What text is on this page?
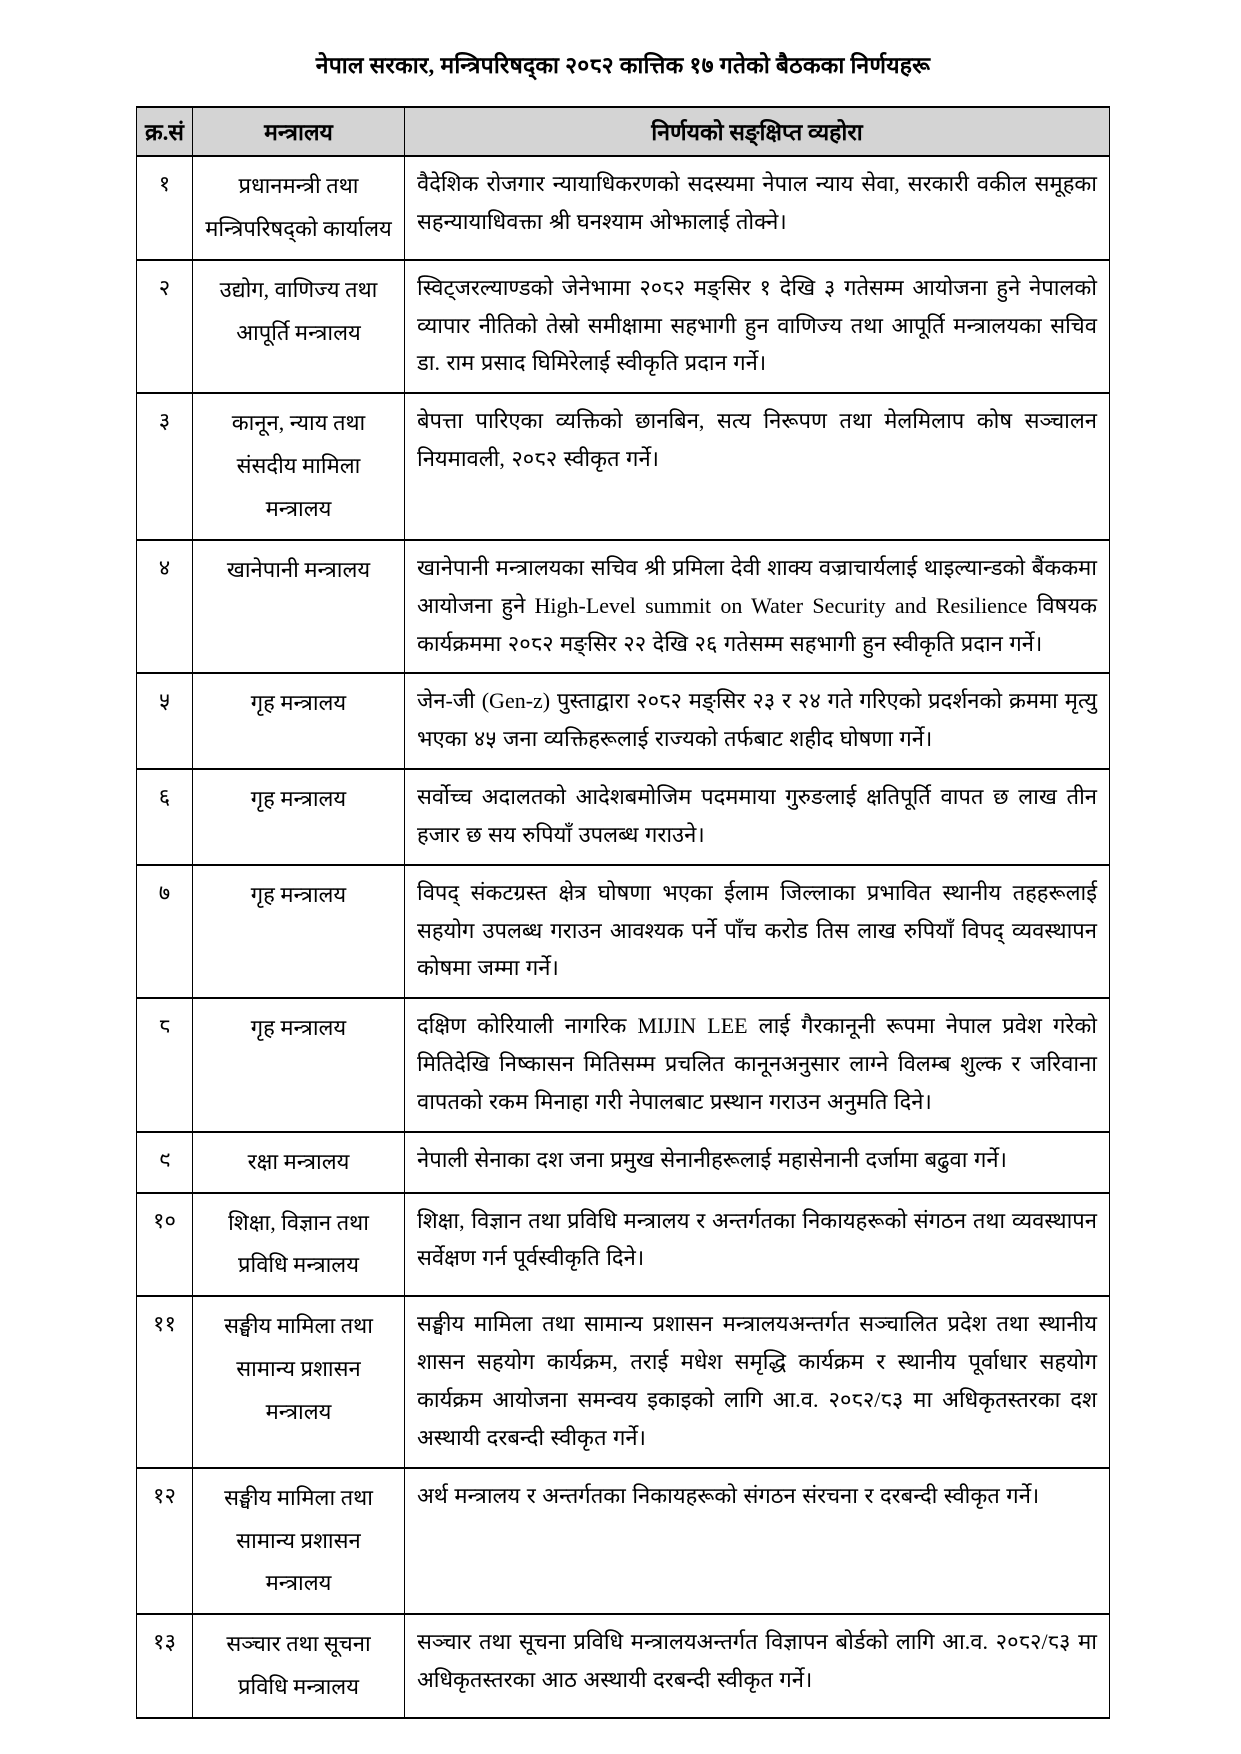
नेपाल सरकार, मन्त्रिपरिषद्का २०८२ कात्तिक १७ गतेको बैठकका निर्णयहरू
क्र.सं	मन्त्रालय	निर्णयको सङ्क्षिप्त व्यहोरा
१	प्रधानमन्त्री तथा मन्त्रिपरिषद्को कार्यालय	वैदेशिक रोजगार न्यायाधिकरणको सदस्यमा नेपाल न्याय सेवा, सरकारी वकील समूहका सहन्यायाधिवक्ता श्री घनश्याम ओझालाई तोक्ने।
२	उद्योग, वाणिज्य तथा आपूर्ति मन्त्रालय	स्विट्जरल्याण्डको जेनेभामा २०८२ मङ्सिर १ देखि ३ गतेसम्म आयोजना हुने नेपालको व्यापार नीतिको तेस्रो समीक्षामा सहभागी हुन वाणिज्य तथा आपूर्ति मन्त्रालयका सचिव डा. राम प्रसाद घिमिरेलाई स्वीकृति प्रदान गर्ने।
३	कानून, न्याय तथा संसदीय मामिला मन्त्रालय	बेपत्ता पारिएका व्यक्तिको छानबिन, सत्य निरूपण तथा मेलमिलाप कोष सञ्चालन नियमावली, २०८२ स्वीकृत गर्ने।
४	खानेपानी मन्त्रालय	खानेपानी मन्त्रालयका सचिव श्री प्रमिला देवी शाक्य वज्राचार्यलाई थाइल्यान्डको बैंककमा आयोजना हुने High-Level summit on Water Security and Resilience विषयक कार्यक्रममा २०८२ मङ्सिर २२ देखि २६ गतेसम्म सहभागी हुन स्वीकृति प्रदान गर्ने।
५	गृह मन्त्रालय	जेन-जी (Gen-z) पुस्ताद्वारा २०८२ मङ्सिर २३ र २४ गते गरिएको प्रदर्शनको क्रममा मृत्यु भएका ४५ जना व्यक्तिहरूलाई राज्यको तर्फबाट शहीद घोषणा गर्ने।
६	गृह मन्त्रालय	सर्वोच्च अदालतको आदेशबमोजिम पदममाया गुरुङलाई क्षतिपूर्ति वापत छ लाख तीन हजार छ सय रुपियाँ उपलब्ध गराउने।
७	गृह मन्त्रालय	विपद् संकटग्रस्त क्षेत्र घोषणा भएका ईलाम जिल्लाका प्रभावित स्थानीय तहहरूलाई सहयोग उपलब्ध गराउन आवश्यक पर्ने पाँच करोड तिस लाख रुपियाँ विपद् व्यवस्थापन कोषमा जम्मा गर्ने।
८	गृह मन्त्रालय	दक्षिण कोरियाली नागरिक MIJIN LEE लाई गैरकानूनी रूपमा नेपाल प्रवेश गरेको मितिदेखि निष्कासन मितिसम्म प्रचलित कानूनअनुसार लाग्ने विलम्ब शुल्क र जरिवाना वापतको रकम मिनाहा गरी नेपालबाट प्रस्थान गराउन अनुमति दिने।
९	रक्षा मन्त्रालय	नेपाली सेनाका दश जना प्रमुख सेनानीहरूलाई महासेनानी दर्जामा बढुवा गर्ने।
१०	शिक्षा, विज्ञान तथा प्रविधि मन्त्रालय	शिक्षा, विज्ञान तथा प्रविधि मन्त्रालय र अन्तर्गतका निकायहरूको संगठन तथा व्यवस्थापन सर्वेक्षण गर्न पूर्वस्वीकृति दिने।
११	सङ्घीय मामिला तथा सामान्य प्रशासन मन्त्रालय	सङ्घीय मामिला तथा सामान्य प्रशासन मन्त्रालयअन्तर्गत सञ्चालित प्रदेश तथा स्थानीय शासन सहयोग कार्यक्रम, तराई मधेश समृद्धि कार्यक्रम र स्थानीय पूर्वाधार सहयोग कार्यक्रम आयोजना समन्वय इकाइको लागि आ.व. २०८२/८३ मा अधिकृतस्तरका दश अस्थायी दरबन्दी स्वीकृत गर्ने।
१२	सङ्घीय मामिला तथा सामान्य प्रशासन मन्त्रालय	अर्थ मन्त्रालय र अन्तर्गतका निकायहरूको संगठन संरचना र दरबन्दी स्वीकृत गर्ने।
१३	सञ्चार तथा सूचना प्रविधि मन्त्रालय	सञ्चार तथा सूचना प्रविधि मन्त्रालयअन्तर्गत विज्ञापन बोर्डको लागि आ.व. २०८२/८३ मा अधिकृतस्तरका आठ अस्थायी दरबन्दी स्वीकृत गर्ने।
